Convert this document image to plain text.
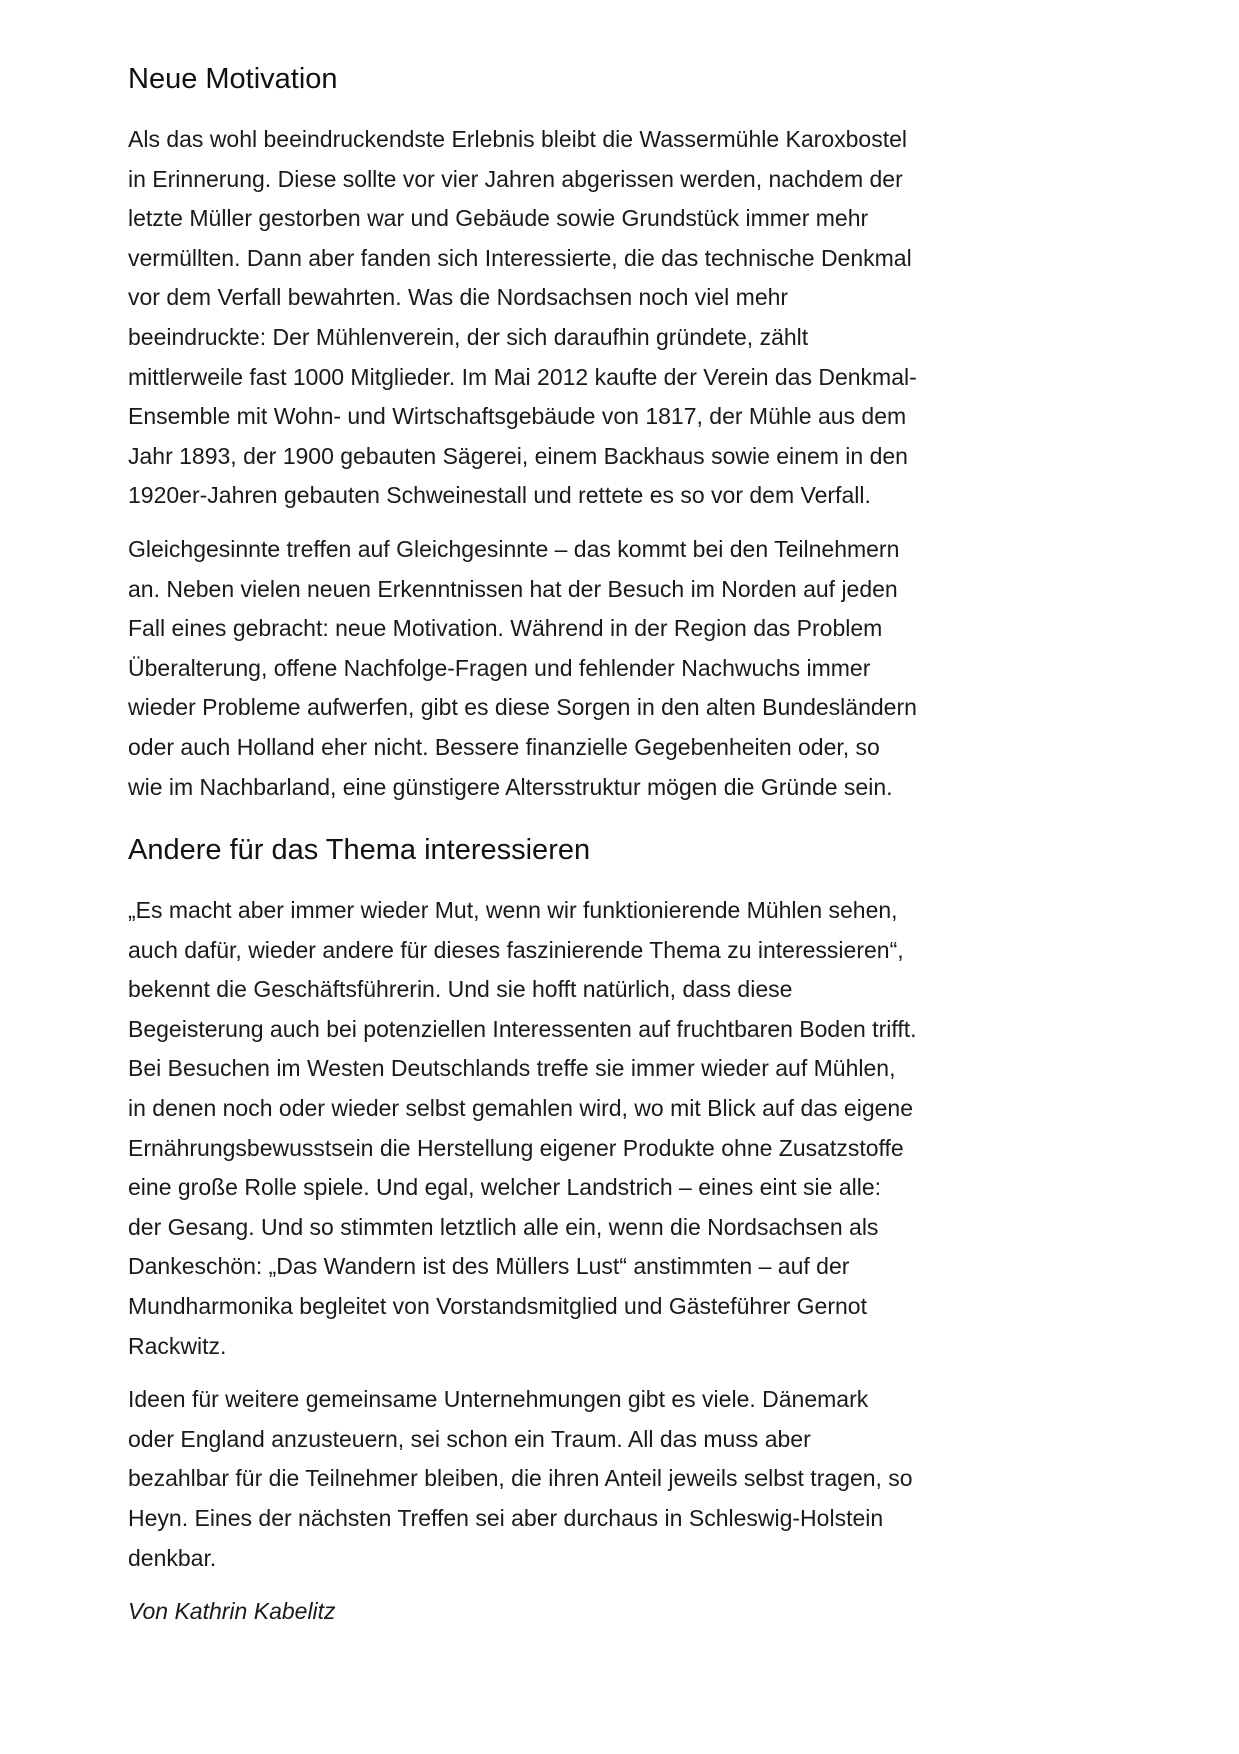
Neue Motivation

Als das wohl beeindruckendste Erlebnis bleibt die Wassermühle Karoxbostel
in Erinnerung. Diese sollte vor vier Jahren abgerissen werden, nachdem der
letzte Müller gestorben war und Gebäude sowie Grundstück immer mehr
vermüllten. Dann aber fanden sich Interessierte, die das technische Denkmal
vor dem Verfall bewahrten. Was die Nordsachsen noch viel mehr
beeindruckte: Der Mühlenverein, der sich daraufhin gründete, zählt
mittlerweile fast 1000 Mitglieder. Im Mai 2012 kaufte der Verein das Denkmal-
Ensemble mit Wohn- und Wirtschaftsgebäude von 1817, der Mühle aus dem
Jahr 1893, der 1900 gebauten Sägerei, einem Backhaus sowie einem in den
1920er-Jahren gebauten Schweinestall und rettete es so vor dem Verfall.

Gleichgesinnte treffen auf Gleichgesinnte – das kommt bei den Teilnehmern
an. Neben vielen neuen Erkenntnissen hat der Besuch im Norden auf jeden
Fall eines gebracht: neue Motivation. Während in der Region das Problem
Überalterung, offene Nachfolge-Fragen und fehlender Nachwuchs immer
wieder Probleme aufwerfen, gibt es diese Sorgen in den alten Bundesländern
oder auch Holland eher nicht. Bessere finanzielle Gegebenheiten oder, so
wie im Nachbarland, eine günstigere Altersstruktur mögen die Gründe sein.

Andere für das Thema interessieren

„Es macht aber immer wieder Mut, wenn wir funktionierende Mühlen sehen,
auch dafür, wieder andere für dieses faszinierende Thema zu interessieren“,
bekennt die Geschäftsführerin. Und sie hofft natürlich, dass diese
Begeisterung auch bei potenziellen Interessenten auf fruchtbaren Boden trifft.
Bei Besuchen im Westen Deutschlands treffe sie immer wieder auf Mühlen,
in denen noch oder wieder selbst gemahlen wird, wo mit Blick auf das eigene
Ernährungsbewusstsein die Herstellung eigener Produkte ohne Zusatzstoffe
eine große Rolle spiele. Und egal, welcher Landstrich – eines eint sie alle:
der Gesang. Und so stimmten letztlich alle ein, wenn die Nordsachsen als
Dankeschön: „Das Wandern ist des Müllers Lust“ anstimmten – auf der
Mundharmonika begleitet von Vorstandsmitglied und Gästeführer Gernot
Rackwitz.

Ideen für weitere gemeinsame Unternehmungen gibt es viele. Dänemark
oder England anzusteuern, sei schon ein Traum. All das muss aber
bezahlbar für die Teilnehmer bleiben, die ihren Anteil jeweils selbst tragen, so
Heyn. Eines der nächsten Treffen sei aber durchaus in Schleswig-Holstein
denkbar.

Von Kathrin Kabelitz
